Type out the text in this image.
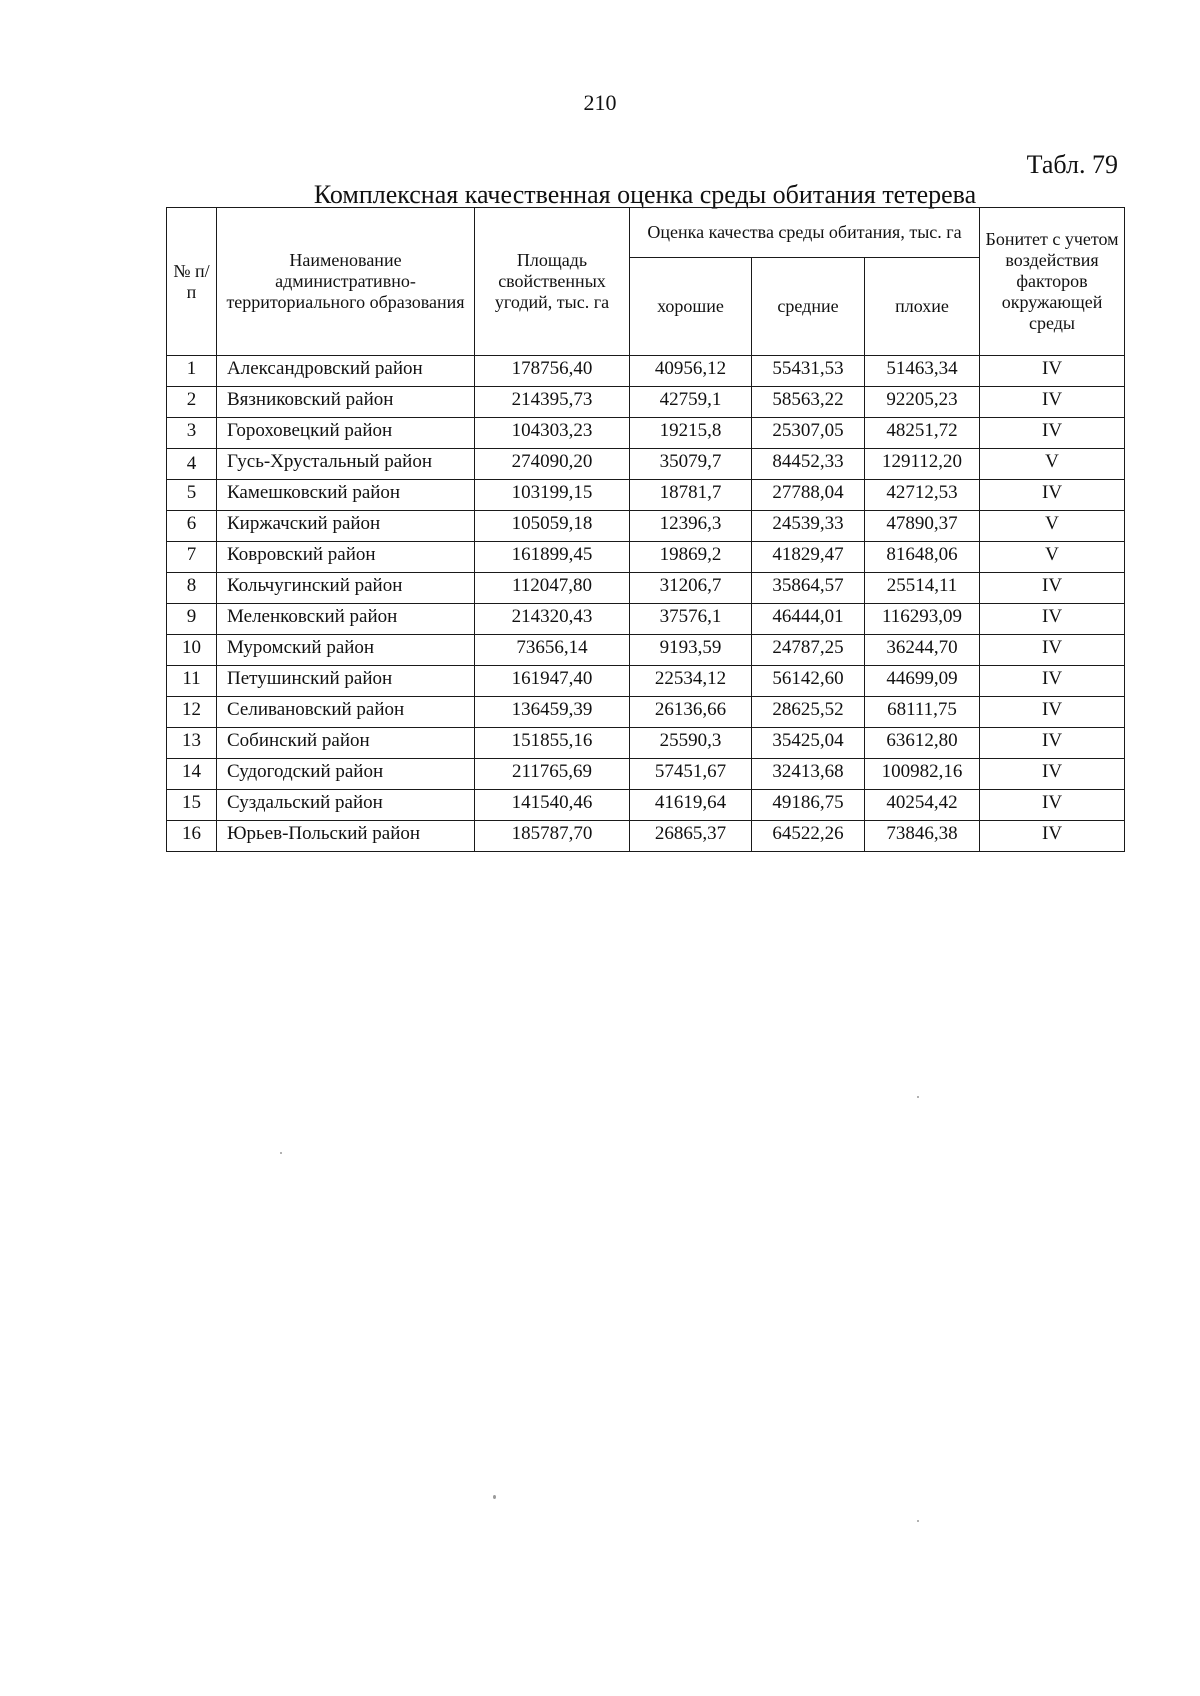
210
Табл. 79
Комплексная качественная оценка среды обитания тетерева
№ п/п	Наименование административно-территориального образования	Площадь свойственных угодий, тыс. га	Оценка качества среды обитания, тыс. га			Бонитет с учетом воздействия факторов окружающей среды
			хорошие	средние	плохие	
1	Александровский район	178756,40	40956,12	55431,53	51463,34	IV
2	Вязниковский район	214395,73	42759,1	58563,22	92205,23	IV
3	Гороховецкий район	104303,23	19215,8	25307,05	48251,72	IV
4	Гусь-Хрустальный район	274090,20	35079,7	84452,33	129112,20	V
5	Камешковский район	103199,15	18781,7	27788,04	42712,53	IV
6	Киржачский район	105059,18	12396,3	24539,33	47890,37	V
7	Ковровский район	161899,45	19869,2	41829,47	81648,06	V
8	Кольчугинский район	112047,80	31206,7	35864,57	25514,11	IV
9	Меленковский район	214320,43	37576,1	46444,01	116293,09	IV
10	Муромский район	73656,14	9193,59	24787,25	36244,70	IV
11	Петушинский район	161947,40	22534,12	56142,60	44699,09	IV
12	Селивановский район	136459,39	26136,66	28625,52	68111,75	IV
13	Собинский район	151855,16	25590,3	35425,04	63612,80	IV
14	Судогодский район	211765,69	57451,67	32413,68	100982,16	IV
15	Суздальский район	141540,46	41619,64	49186,75	40254,42	IV
16	Юрьев-Польский район	185787,70	26865,37	64522,26	73846,38	IV
